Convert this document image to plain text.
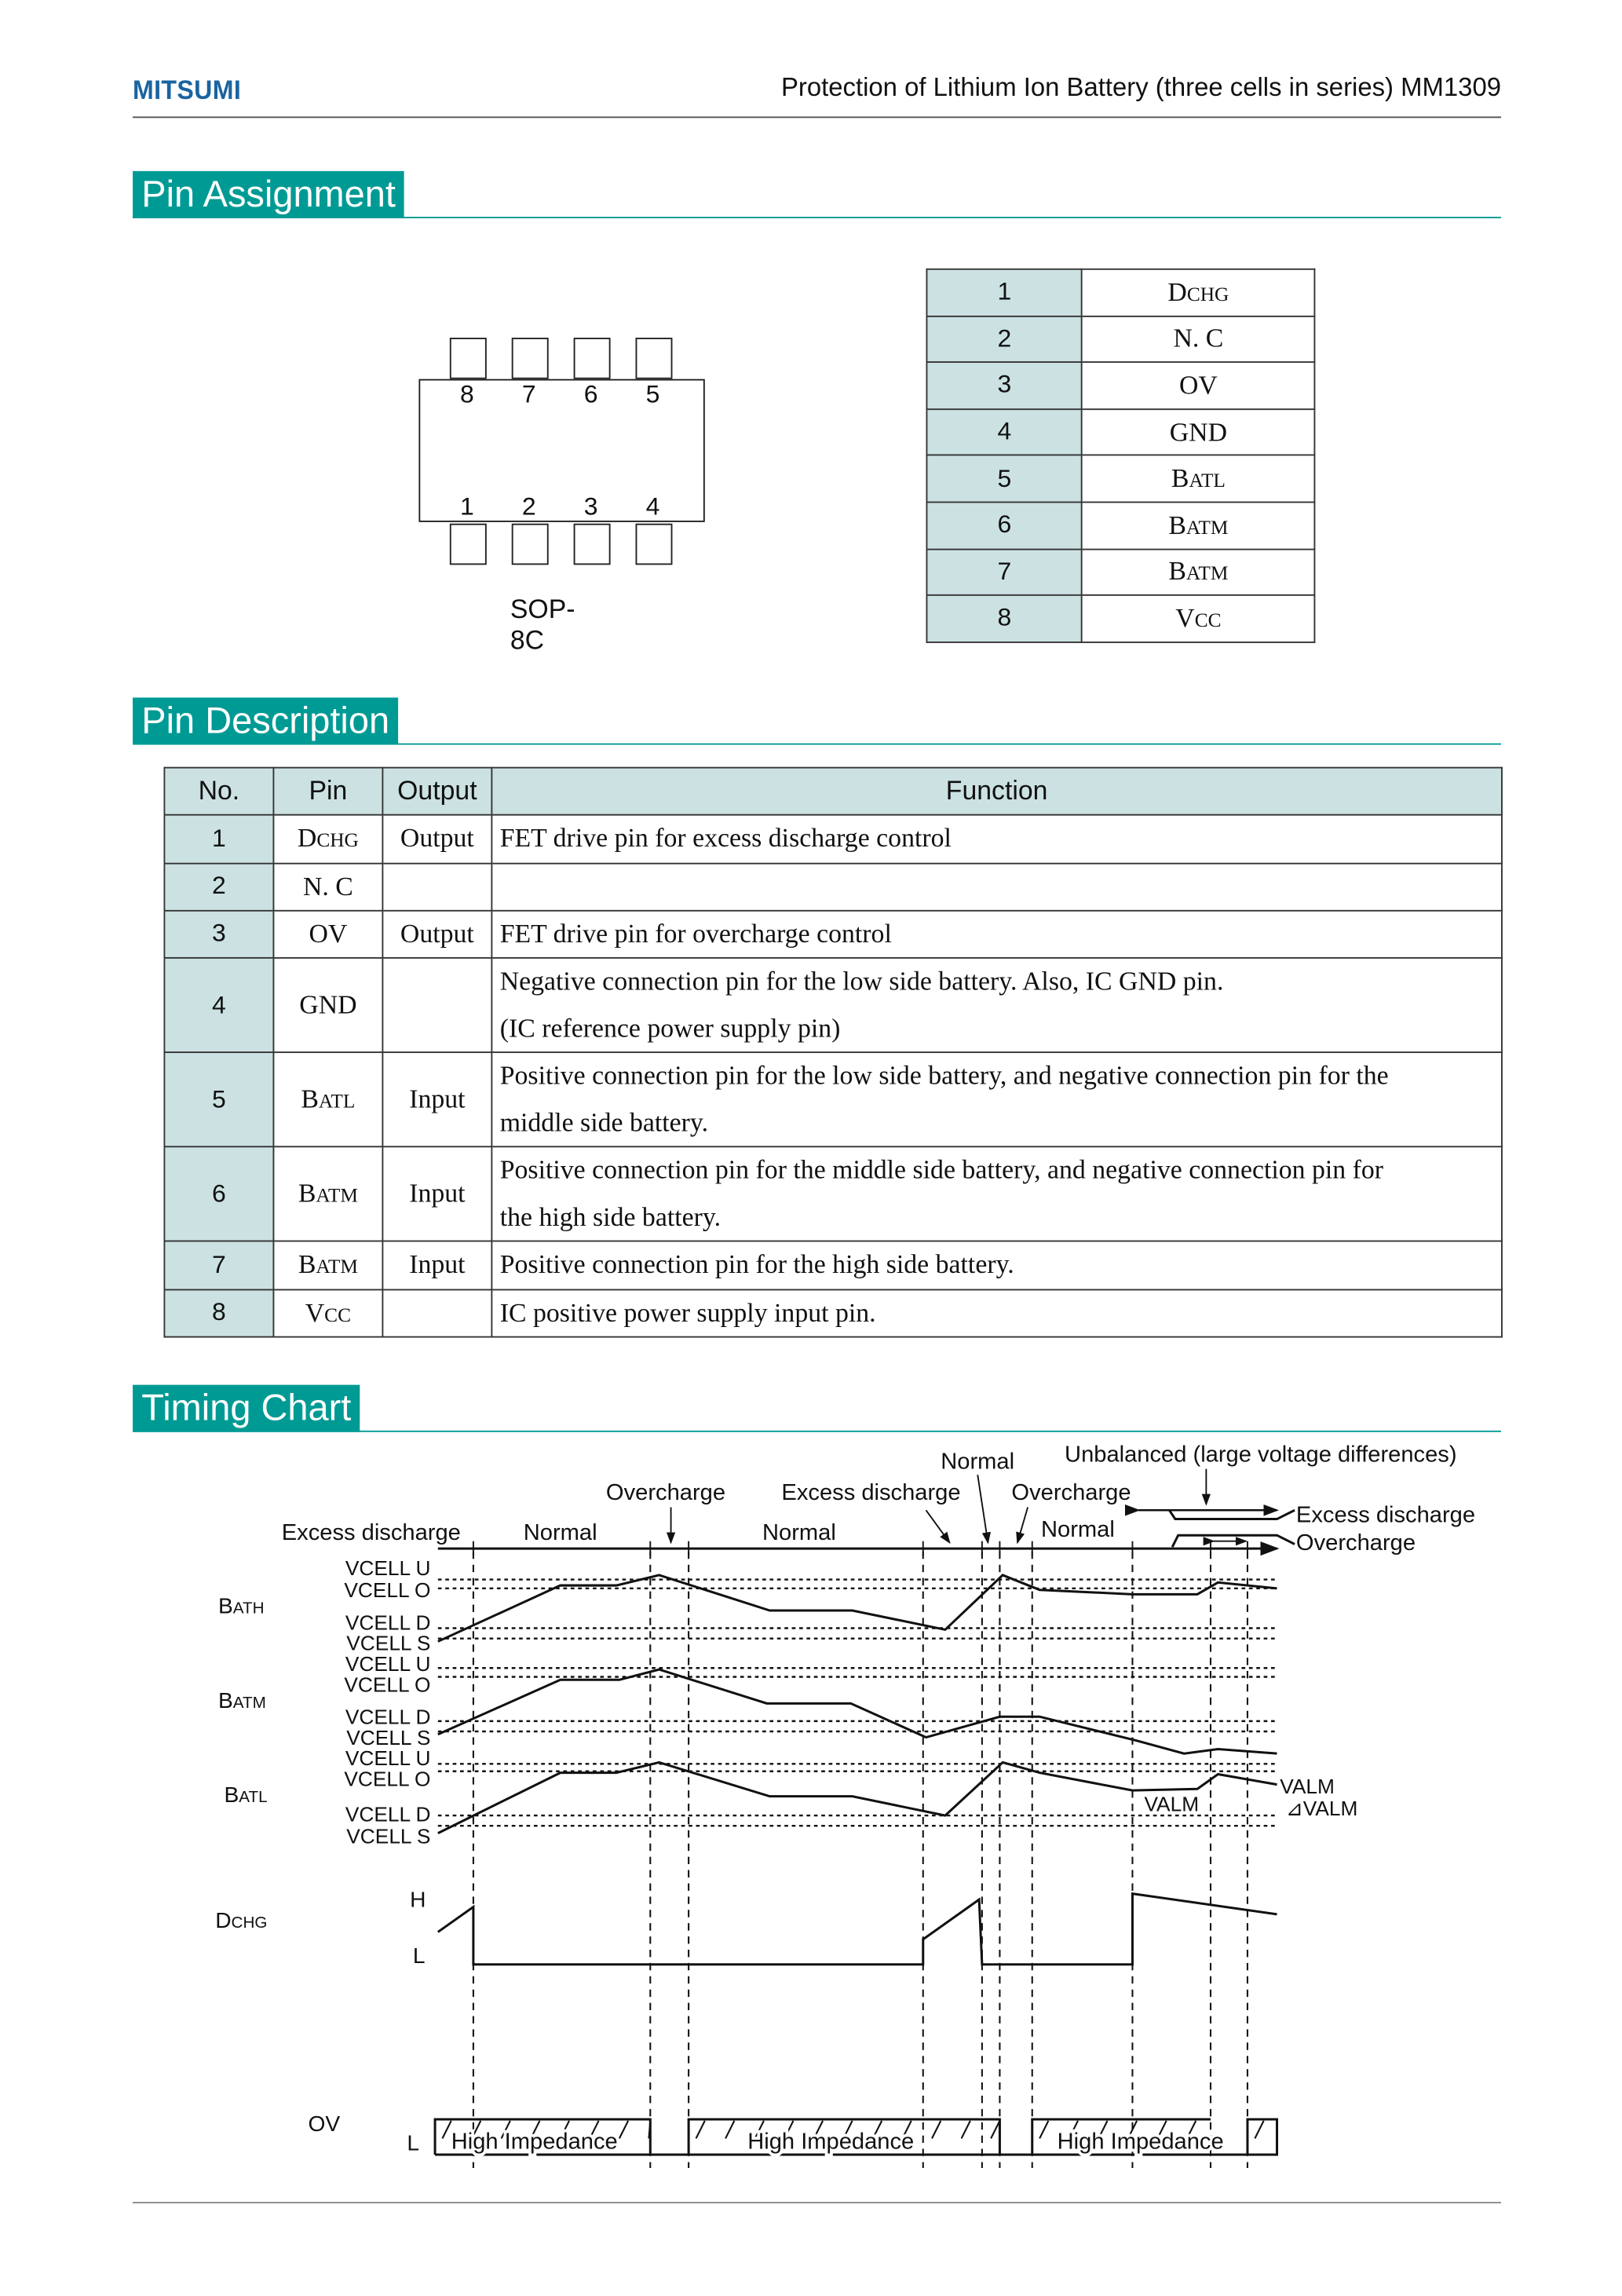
MITSUMI	Protection of Lithium Ion Battery (three cells in series) MM1309
Pin Assignment
8	7	6	5
1	2	3	4
SOP-8C
1	DCHG
2	N. C
3	OV
4	GND
5	BATL
6	BATM
7	BATM
8	VCC
Pin Description
No.	Pin	Output	Function
1	DCHG	Output	FET drive pin for excess discharge control

2	N. C		

3	OV	Output	FET drive pin for overcharge control

4	GND		Negative connection pin for the low side battery. Also, IC GND pin.
(IC reference power supply pin)

5	BATL	Input	Positive connection pin for the low side battery, and negative connection pin for the
middle side battery.

6	BATM	Input	Positive connection pin for the middle side battery, and negative connection pin for
the high side battery.

7	BATM	Input	Positive connection pin for the high side battery.

8	VCC		IC positive power supply input pin.
Timing Chart
Excess discharge	Normal
Overcharge
Normal
Excess discharge
Normal
Overcharge
Normal
Unbalanced (large voltage differences)
Excess discharge
Overcharge
BATH
BATM
BATL
DCHG
OV
VCELL U
VCELL O
VCELL D
VCELL S
VCELL U
VCELL O
VCELL D
VCELL S
VCELL U
VCELL O
VCELL D
VCELL S
VALM
VALM
⊿VALM
H
L
L	High Impedance	High Impedance	High Impedance
